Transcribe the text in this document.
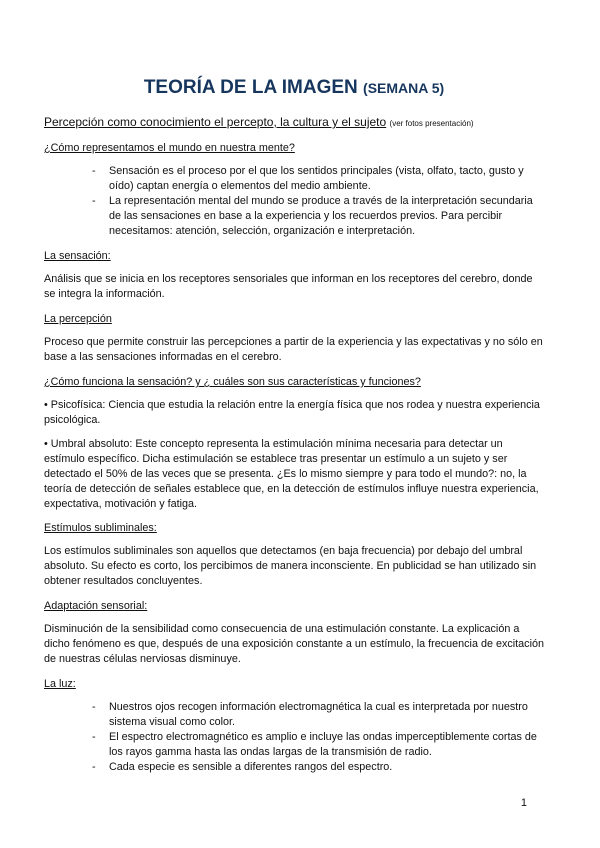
TEORÍA DE LA IMAGEN (SEMANA 5)
Percepción como conocimiento el percepto, la cultura y el sujeto (ver fotos presentación)
¿Cómo representamos el mundo en nuestra mente?
- Sensación es el proceso por el que los sentidos principales (vista, olfato, tacto, gusto y oído) captan energía o elementos del medio ambiente.
- La representación mental del mundo se produce a través de la interpretación secundaria de las sensaciones en base a la experiencia y los recuerdos previos. Para percibir necesitamos: atención, selección, organización e interpretación.
La sensación:

Análisis que se inicia en los receptores sensoriales que informan en los receptores del cerebro, donde se integra la información.

La percepción

Proceso que permite construir las percepciones a partir de la experiencia y las expectativas y no sólo en base a las sensaciones informadas en el cerebro.

¿Cómo funciona la sensación? y ¿ cuáles son sus características y funciones?

• Psicofísica: Ciencia que estudia la relación entre la energía física que nos rodea y nuestra experiencia psicológica.

• Umbral absoluto: Este concepto representa la estimulación mínima necesaria para detectar un estímulo específico. Dicha estimulación se establece tras presentar un estímulo a un sujeto y ser detectado el 50% de las veces que se presenta. ¿Es lo mismo siempre y para todo el mundo?: no, la teoría de detección de señales establece que, en la detección de estímulos influye nuestra experiencia, expectativa, motivación y fatiga.

Estímulos subliminales:

Los estímulos subliminales son aquellos que detectamos (en baja frecuencia) por debajo del umbral absoluto. Su efecto es corto, los percibimos de manera inconsciente. En publicidad se han utilizado sin obtener resultados concluyentes.

Adaptación sensorial:

Disminución de la sensibilidad como consecuencia de una estimulación constante. La explicación a dicho fenómeno es que, después de una exposición constante a un estímulo, la frecuencia de excitación de nuestras células nerviosas disminuye.

La luz:
- Nuestros ojos recogen información electromagnética la cual es interpretada por nuestro sistema visual como color.
- El espectro electromagnético es amplio e incluye las ondas imperceptiblemente cortas de los rayos gamma hasta las ondas largas de la transmisión de radio.
- Cada especie es sensible a diferentes rangos del espectro.
1
